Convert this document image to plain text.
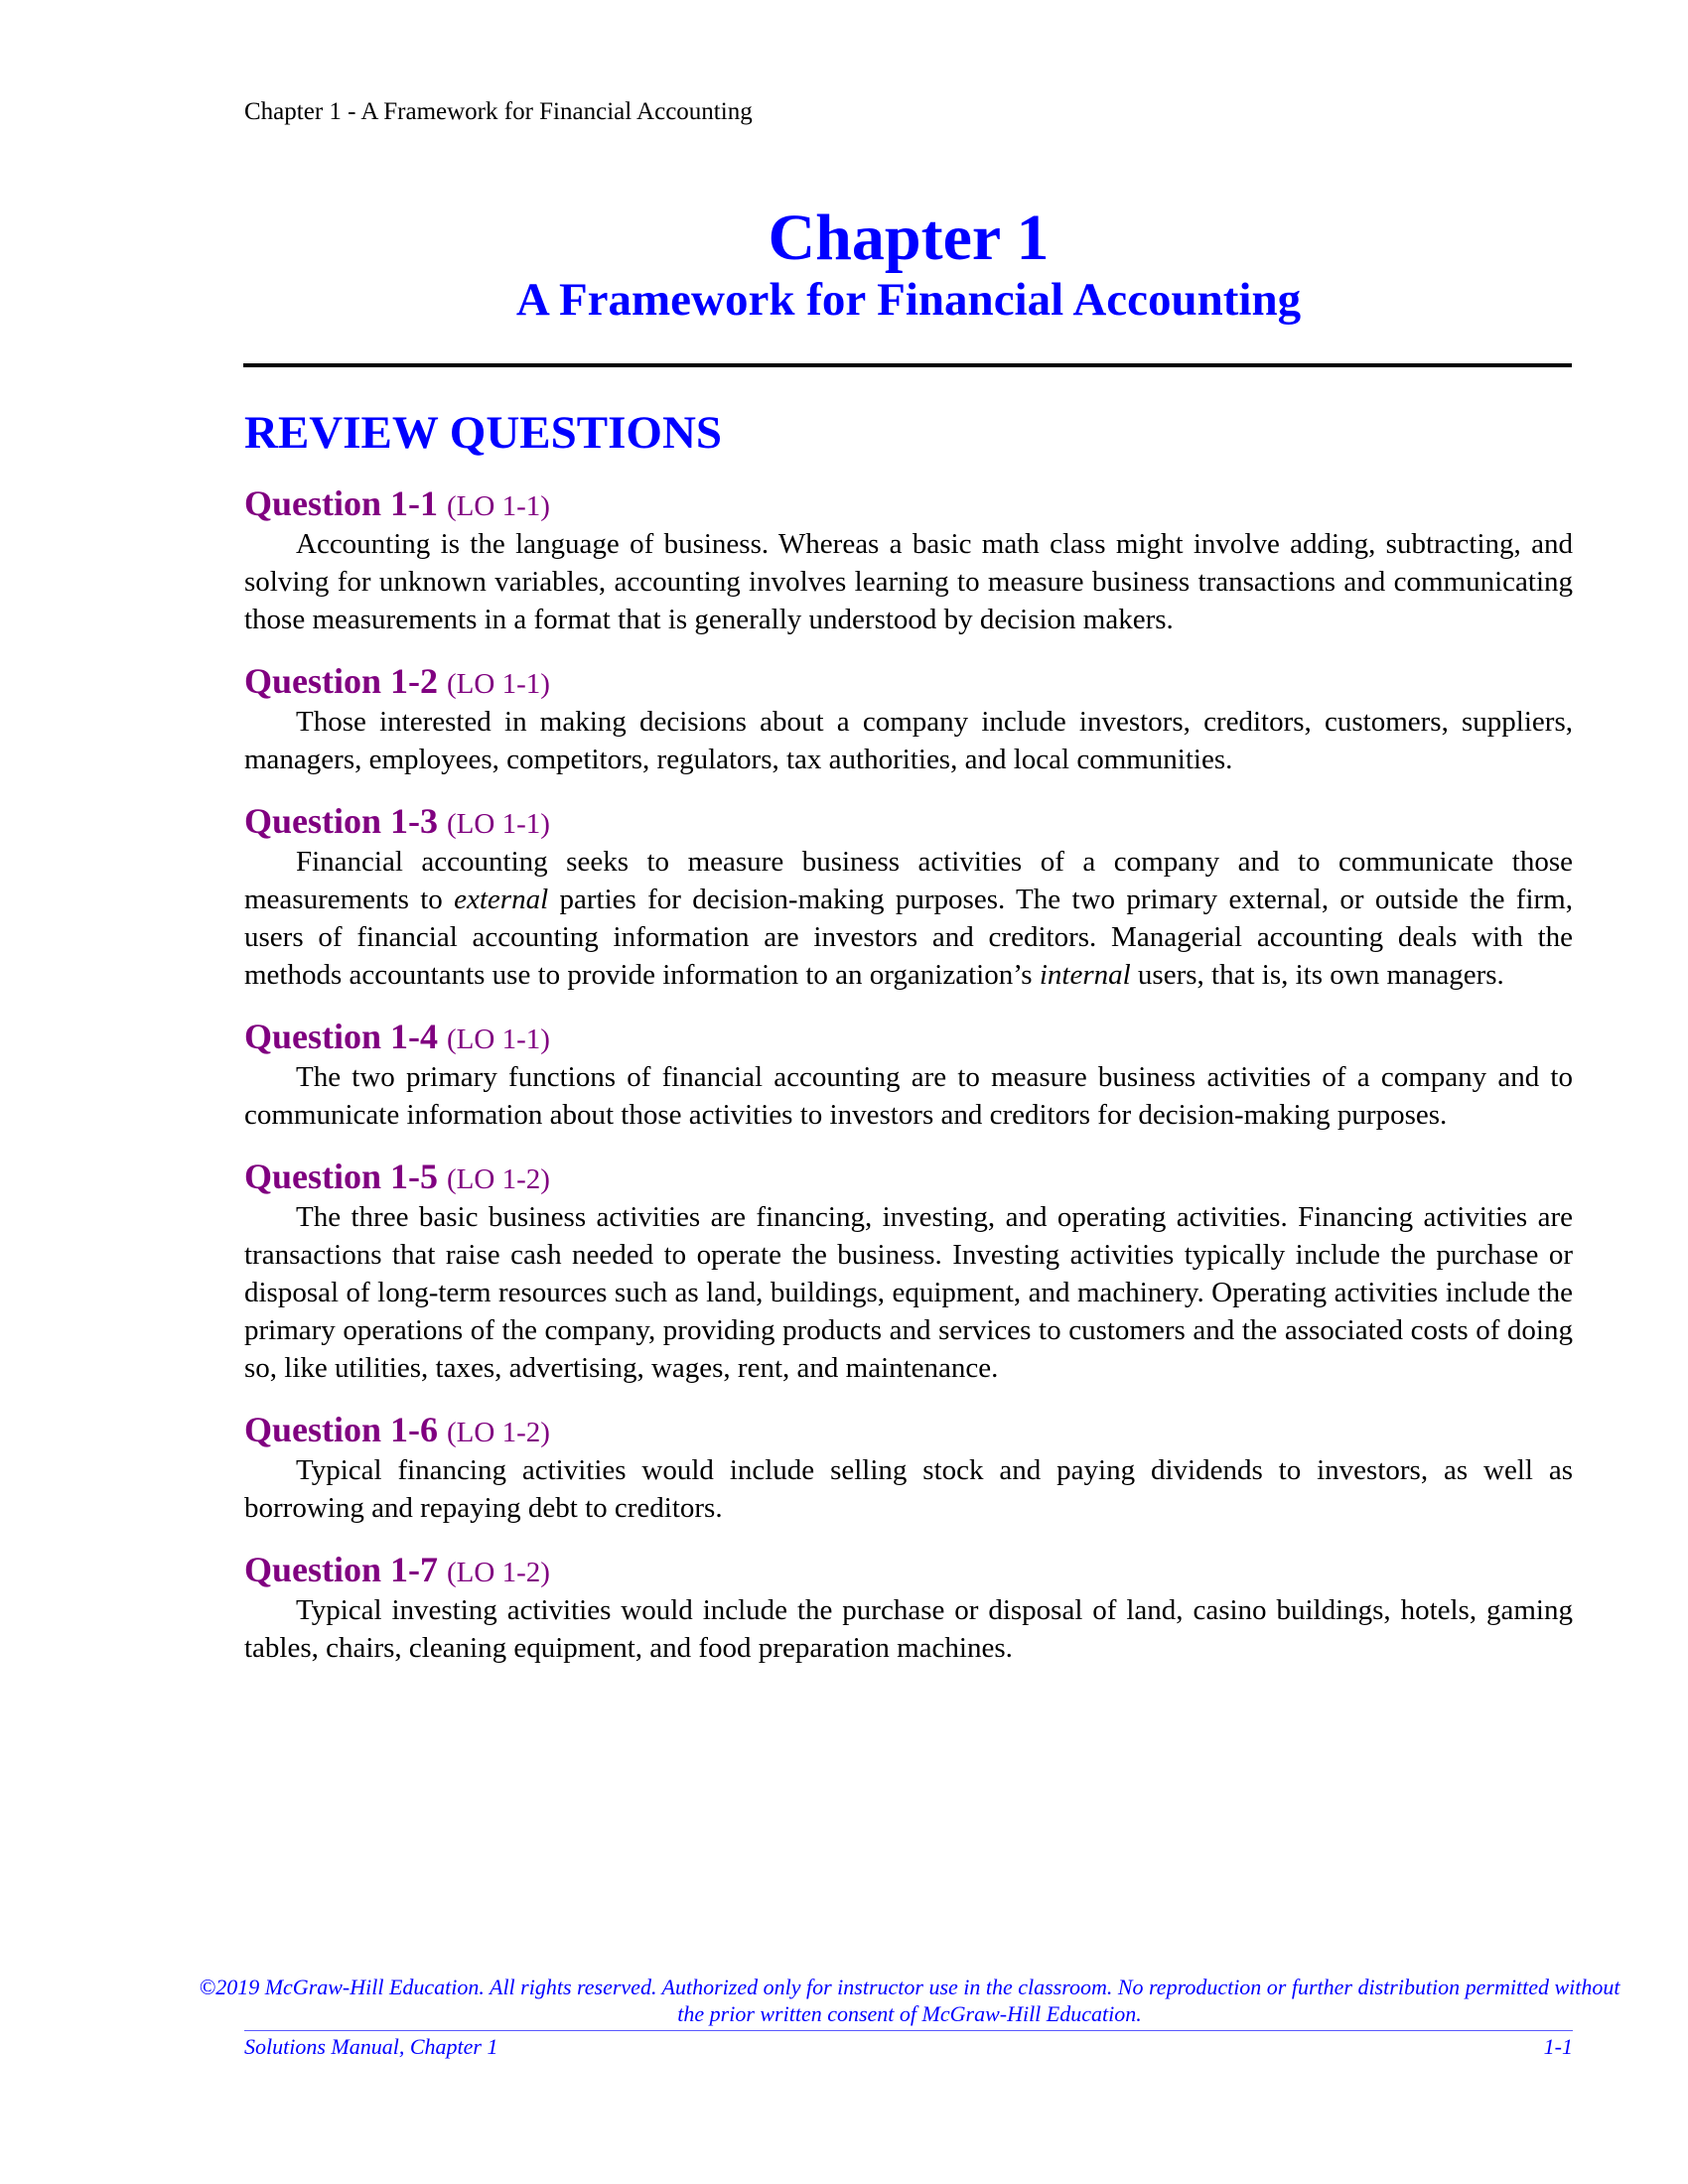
Chapter 1 - A Framework for Financial Accounting
Chapter 1
A Framework for Financial Accounting
REVIEW QUESTIONS
Question 1-1 (LO 1-1)

Accounting is the language of business. Whereas a basic math class might involve adding, subtracting, and solving for unknown variables, accounting involves learning to measure business transactions and communicating those measurements in a format that is generally understood by decision makers.

Question 1-2 (LO 1-1)

Those interested in making decisions about a company include investors, creditors, customers, suppliers, managers, employees, competitors, regulators, tax authorities, and local communities.

Question 1-3 (LO 1-1)

Financial accounting seeks to measure business activities of a company and to communicate those measurements to external parties for decision-making purposes. The two primary external, or outside the firm, users of financial accounting information are investors and creditors. Managerial accounting deals with the methods accountants use to provide information to an organization’s internal users, that is, its own managers.

Question 1-4 (LO 1-1)

The two primary functions of financial accounting are to measure business activities of a company and to communicate information about those activities to investors and creditors for decision-making purposes.

Question 1-5 (LO 1-2)

The three basic business activities are financing, investing, and operating activities. Financing activities are transactions that raise cash needed to operate the business. Investing activities typically include the purchase or disposal of long-term resources such as land, buildings, equipment, and machinery. Operating activities include the primary operations of the company, providing products and services to customers and the associated costs of doing so, like utilities, taxes, advertising, wages, rent, and maintenance.

Question 1-6 (LO 1-2)

Typical financing activities would include selling stock and paying dividends to investors, as well as borrowing and repaying debt to creditors.

Question 1-7 (LO 1-2)

Typical investing activities would include the purchase or disposal of land, casino buildings, hotels, gaming tables, chairs, cleaning equipment, and food preparation machines.

©2019 McGraw-Hill Education. All rights reserved. Authorized only for instructor use in the classroom. No reproduction or further distribution permitted without the prior written consent of McGraw-Hill Education.
Solutions Manual, Chapter 1	1-1
